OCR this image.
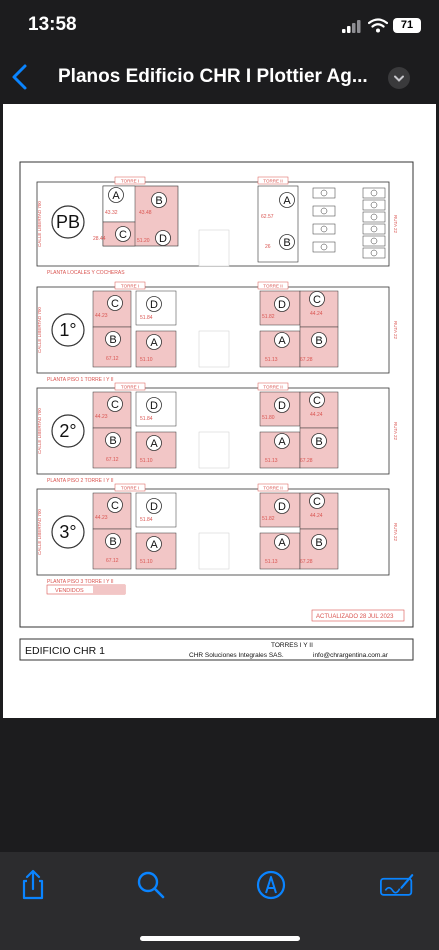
13:58	71
Planos Edificio CHR I Plottier Ag...
PB
CALLE LIBERTAD 700	RUTA 22
TORRE I	TORRE II
PLANTA LOCALES Y COCHERAS
A	B
C	D
43.32	43.48
28.44	51.20
A
B
62.57
26
1°
CALLE LIBERTAD 700	RUTA 22
TORRE I	TORRE II
PLANTA PISO 1 TORRE I Y II
C	D
B	A
44.23	51.84
67.12	51.10
D C
A	B
51.82	44.24
51.13	67.28
2°
CALLE LIBERTAD 700	RUTA 22
TORRE I	TORRE II
PLANTA PISO 2 TORRE I Y II
C	D
B	A
44.23	51.84
67.12	51.10
D C
A	B
51.80	44.24
51.13	67.28
3°
CALLE LIBERTAD 700	RUTA 22
TORRE I	TORRE II
PLANTA PISO 3 TORRE I Y II
C	D
B	A
44.23	51.84
67.12	51.10
D C
A	B
51.82	44.24
51.13	67.28
VENDIDOS
ACTUALIZADO 28 JUL 2023
EDIFICIO CHR 1	TORRES I Y II
CHR Soluciones Integrales SAS.	info@chrargentina.com.ar
